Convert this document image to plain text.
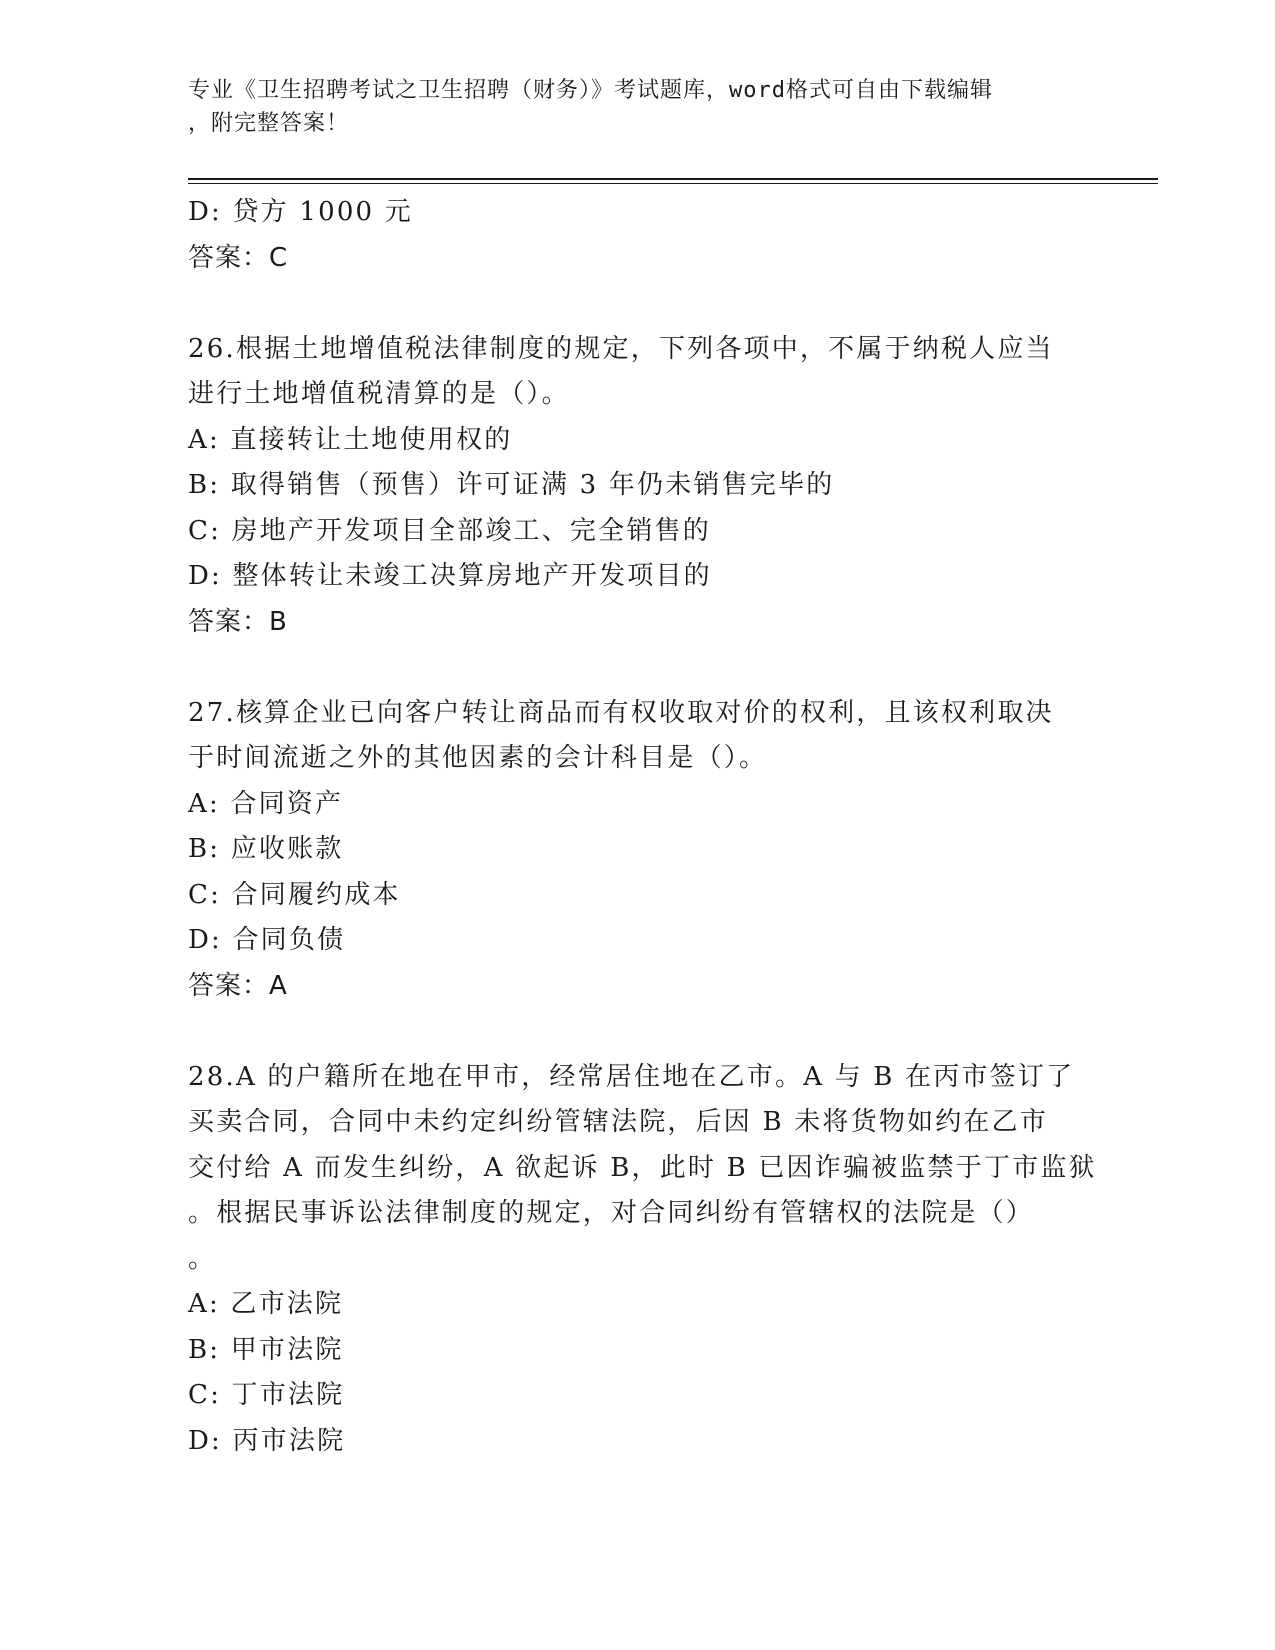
专业《卫生招聘考试之卫生招聘（财务）》考试题库，word格式可自由下载编辑
，附完整答案！
D: 贷方 1000 元
答案：C
26.根据土地增值税法律制度的规定，下列各项中，不属于纳税人应当
进行土地增值税清算的是（）。
A: 直接转让土地使用权的
B: 取得销售（预售）许可证满 3 年仍未销售完毕的
C: 房地产开发项目全部竣工、完全销售的
D: 整体转让未竣工决算房地产开发项目的
答案：B
27.核算企业已向客户转让商品而有权收取对价的权利，且该权利取决
于时间流逝之外的其他因素的会计科目是（）。
A: 合同资产
B: 应收账款
C: 合同履约成本
D: 合同负债
答案：A
28.A 的户籍所在地在甲市，经常居住地在乙市。A 与 B 在丙市签订了
买卖合同，合同中未约定纠纷管辖法院，后因 B 未将货物如约在乙市
交付给 A 而发生纠纷，A 欲起诉 B，此时 B 已因诈骗被监禁于丁市监狱
。根据民事诉讼法律制度的规定，对合同纠纷有管辖权的法院是（）
。
A: 乙市法院
B: 甲市法院
C: 丁市法院
D: 丙市法院
